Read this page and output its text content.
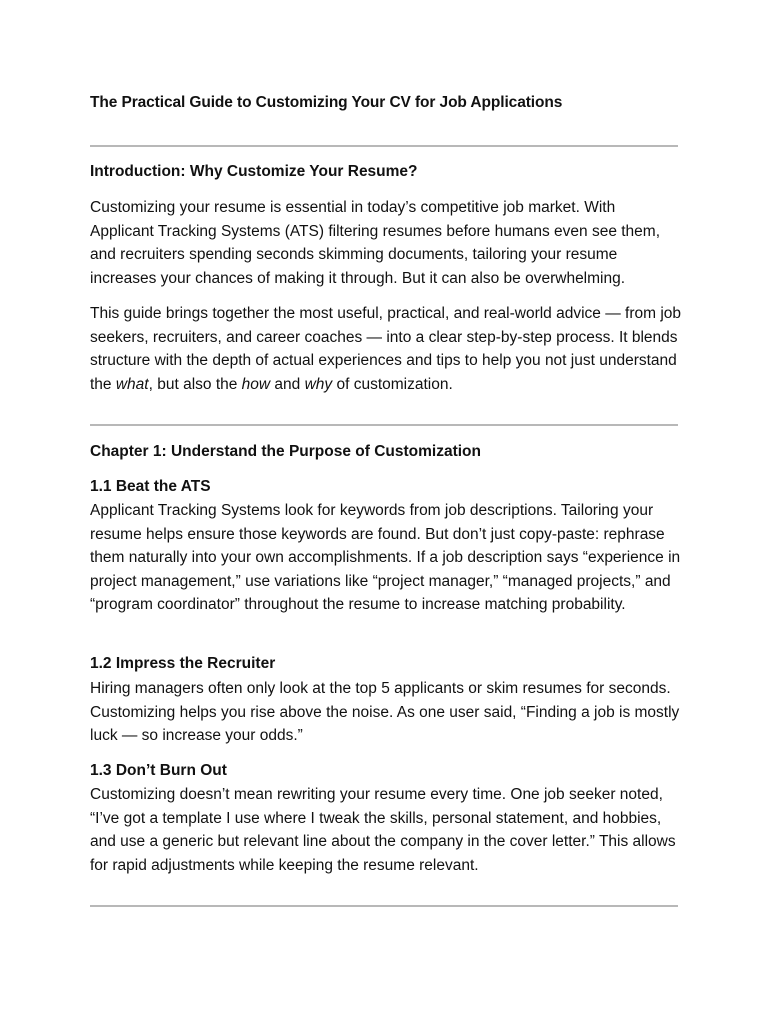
The Practical Guide to Customizing Your CV for Job Applications
Introduction: Why Customize Your Resume?

Customizing your resume is essential in today’s competitive job market. With Applicant Tracking Systems (ATS) filtering resumes before humans even see them, and recruiters spending seconds skimming documents, tailoring your resume increases your chances of making it through. But it can also be overwhelming.

This guide brings together the most useful, practical, and real-world advice — from job seekers, recruiters, and career coaches — into a clear step-by-step process. It blends structure with the depth of actual experiences and tips to help you not just understand the what, but also the how and why of customization.

Chapter 1: Understand the Purpose of Customization
1.1 Beat the ATS

Applicant Tracking Systems look for keywords from job descriptions. Tailoring your resume helps ensure those keywords are found. But don’t just copy-paste: rephrase them naturally into your own accomplishments. If a job description says “experience in project management,” use variations like “project manager,” “managed projects,” and “program coordinator” throughout the resume to increase matching probability.

1.2 Impress the Recruiter

Hiring managers often only look at the top 5 applicants or skim resumes for seconds. Customizing helps you rise above the noise. As one user said, “Finding a job is mostly luck — so increase your odds.”

1.3 Don’t Burn Out

Customizing doesn’t mean rewriting your resume every time. One job seeker noted, “I’ve got a template I use where I tweak the skills, personal statement, and hobbies, and use a generic but relevant line about the company in the cover letter.” This allows for rapid adjustments while keeping the resume relevant.
